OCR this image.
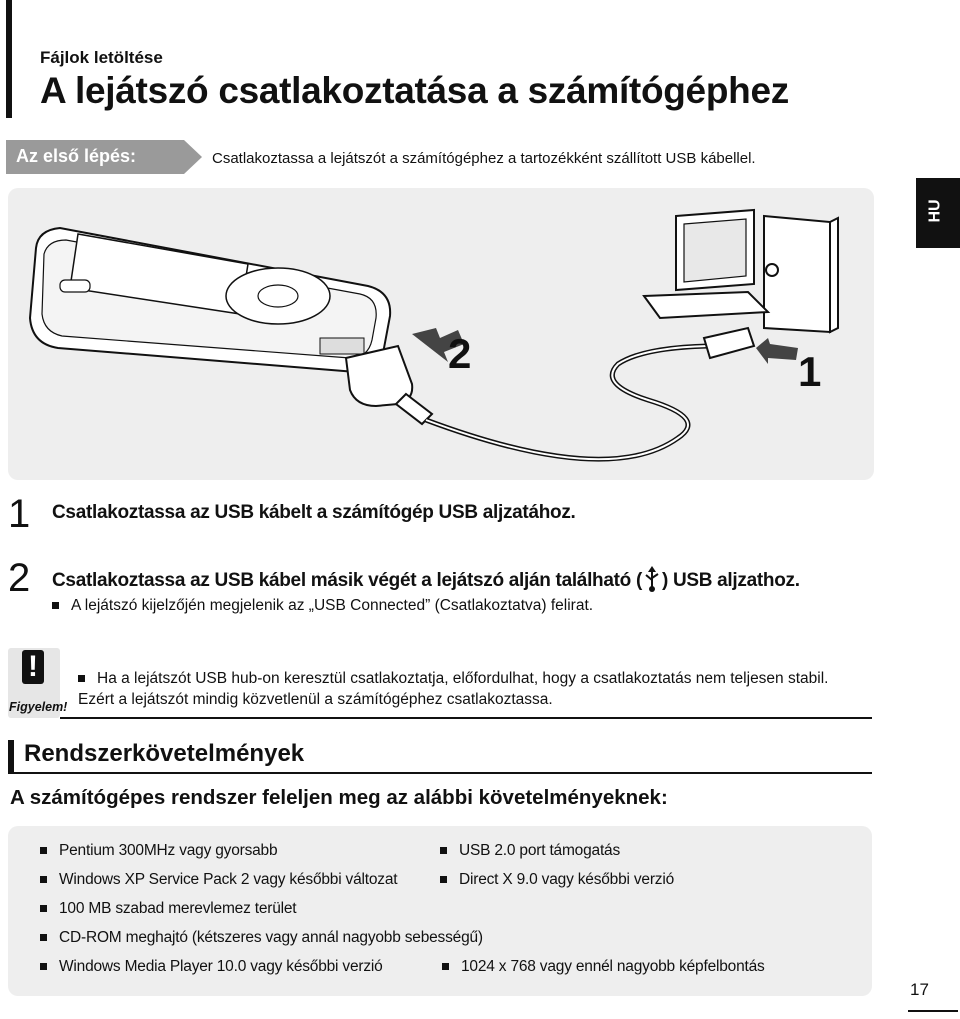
Fájlok letöltése
A lejátszó csatlakoztatása a számítógéphez
Az első lépés:	Csatlakoztassa a lejátszót a számítógéphez a tartozékként szállított USB kábellel.
HU
2	1
1 Csatlakoztassa az USB kábelt a számítógép USB aljzatához.
2 Csatlakoztassa az USB kábel másik végét a lejátszó alján található ( ) USB aljzathoz.
A lejátszó kijelzőjén megjelenik az „USB Connected” (Csatlakoztatva) felirat.
!
Figyelem!
Ha a lejátszót USB hub-on keresztül csatlakoztatja, előfordulhat, hogy a csatlakoztatás nem teljesen stabil. Ezért a lejátszót mindig közvetlenül a számítógéphez csatlakoztassa.
Rendszerkövetelmények
A számítógépes rendszer feleljen meg az alábbi követelményeknek:
Pentium 300MHz vagy gyorsabb	USB 2.0 port támogatás
Windows XP Service Pack 2 vagy későbbi változat	Direct X 9.0 vagy későbbi verzió
100 MB szabad merevlemez terület
CD-ROM meghajtó (kétszeres vagy annál nagyobb sebességű)
Windows Media Player 10.0 vagy későbbi verzió	1024 x 768 vagy ennél nagyobb képfelbontás
17
